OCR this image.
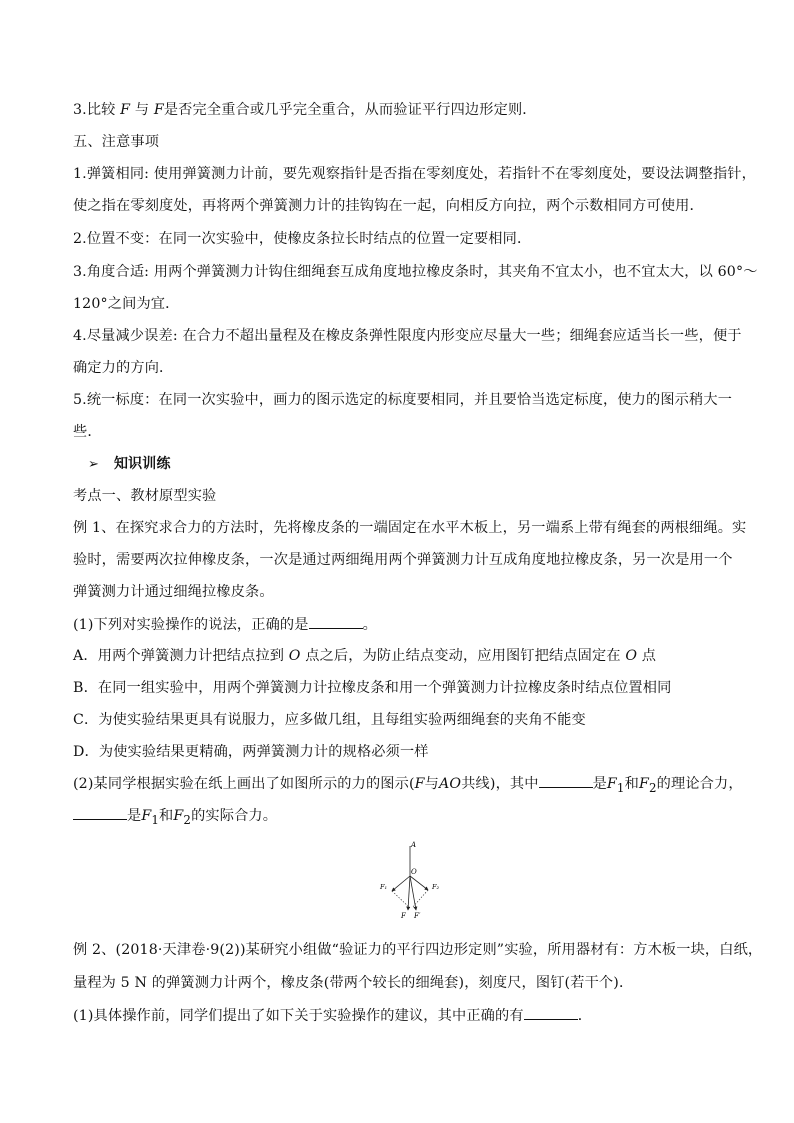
3.比较 F 与 F是否完全重合或几乎完全重合，从而验证平行四边形定则．
五、注意事项
1.弹簧相同: 使用弹簧测力计前，要先观察指针是否指在零刻度处，若指针不在零刻度处，要设法调整指针，
使之指在零刻度处，再将两个弹簧测力计的挂钩钩在一起，向相反方向拉，两个示数相同方可使用．
2.位置不变：在同一次实验中，使橡皮条拉长时结点的位置一定要相同．
3.角度合适: 用两个弹簧测力计钩住细绳套互成角度地拉橡皮条时，其夹角不宜太小，也不宜太大，以 60°～
120°之间为宜．
4.尽量减少误差: 在合力不超出量程及在橡皮条弹性限度内形变应尽量大一些；细绳套应适当长一些，便于
确定力的方向．
5.统一标度：在同一次实验中，画力的图示选定的标度要相同，并且要恰当选定标度，使力的图示稍大一
些．
➢ 知识训练
考点一、教材原型实验
例 1、在探究求合力的方法时，先将橡皮条的一端固定在水平木板上，另一端系上带有绳套的两根细绳。实
验时，需要两次拉伸橡皮条，一次是通过两细绳用两个弹簧测力计互成角度地拉橡皮条，另一次是用一个
弹簧测力计通过细绳拉橡皮条。
(1)下列对实验操作的说法，正确的是	。
A．用两个弹簧测力计把结点拉到 O 点之后，为防止结点变动，应用图钉把结点固定在 O 点
B．在同一组实验中，用两个弹簧测力计拉橡皮条和用一个弹簧测力计拉橡皮条时结点位置相同
C．为使实验结果更具有说服力，应多做几组，且每组实验两细绳套的夹角不能变
D．为使实验结果更精确，两弹簧测力计的规格必须一样
(2)某同学根据实验在纸上画出了如图所示的力的图示(F与AO共线)，其中	是$F_1$和$F_2$的理论合力，
是$F_1$和$F_2$的实际合力。
A
O
F₁	F₂
F F′
例 2、(2018·天津卷·9(2))某研究小组做“验证力的平行四边形定则”实验，所用器材有：方木板一块，白纸，
量程为 5 N 的弹簧测力计两个，橡皮条(带两个较长的细绳套)，刻度尺，图钉(若干个)．
(1)具体操作前，同学们提出了如下关于实验操作的建议，其中正确的有	．
